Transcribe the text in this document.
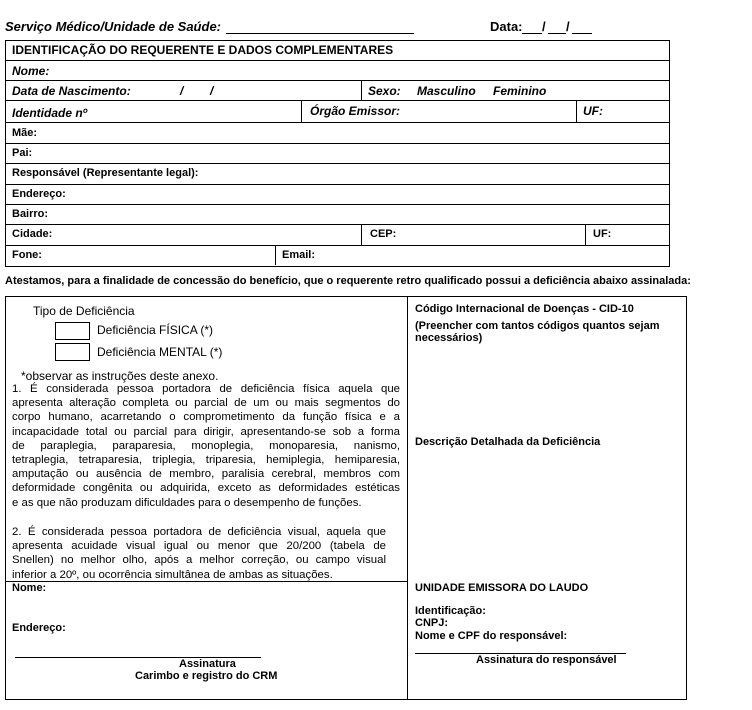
Serviço Médico/Unidade de Saúde:	Data: / /
IDENTIFICAÇÃO DO REQUERENTE E DADOS COMPLEMENTARES
Nome:
Data de Nascimento:	/ /	Sexo: Masculino Feminino
Identidade nº	Órgão Emissor:	UF:
Mãe:
Pai:
Responsável (Representante legal):
Endereço:
Bairro:
Cidade:	CEP:	UF:
Fone:	Email:
Atestamos, para a finalidade de concessão do benefício, que o requerente retro qualificado possui a deficiência abaixo assinalada:
Tipo de Deficiência
Deficiência FÍSICA (*)
Deficiência MENTAL (*)
*observar as instruções deste anexo.
1. É considerada pessoa portadora de deficiência física aquela que
apresenta alteração completa ou parcial de um ou mais segmentos do
corpo humano, acarretando o comprometimento da função física e a
incapacidade total ou parcial para dirigir, apresentando-se sob a forma
de paraplegia, paraparesia, monoplegia, monoparesia, nanismo,
tetraplegia, tetraparesia, triplegia, triparesia, hemiplegia, hemiparesia,
amputação ou ausência de membro, paralisia cerebral, membros com
deformidade congênita ou adquirida, exceto as deformidades estéticas
e as que não produzam dificuldades para o desempenho de funções.
2. É considerada pessoa portadora de deficiência visual, aquela que
apresenta acuidade visual igual ou menor que 20/200 (tabela de
Snellen) no melhor olho, após a melhor correção, ou campo visual
inferior a 20º, ou ocorrência simultânea de ambas as situações.
Código Internacional de Doenças - CID-10
(Preencher com tantos códigos quantos sejam necessários)
Descrição Detalhada da Deficiência
UNIDADE EMISSORA DO LAUDO
Identificação:
CNPJ:
Nome e CPF do responsável:
Assinatura do responsável
Nome:
Endereço:
Assinatura
Carimbo e registro do CRM
